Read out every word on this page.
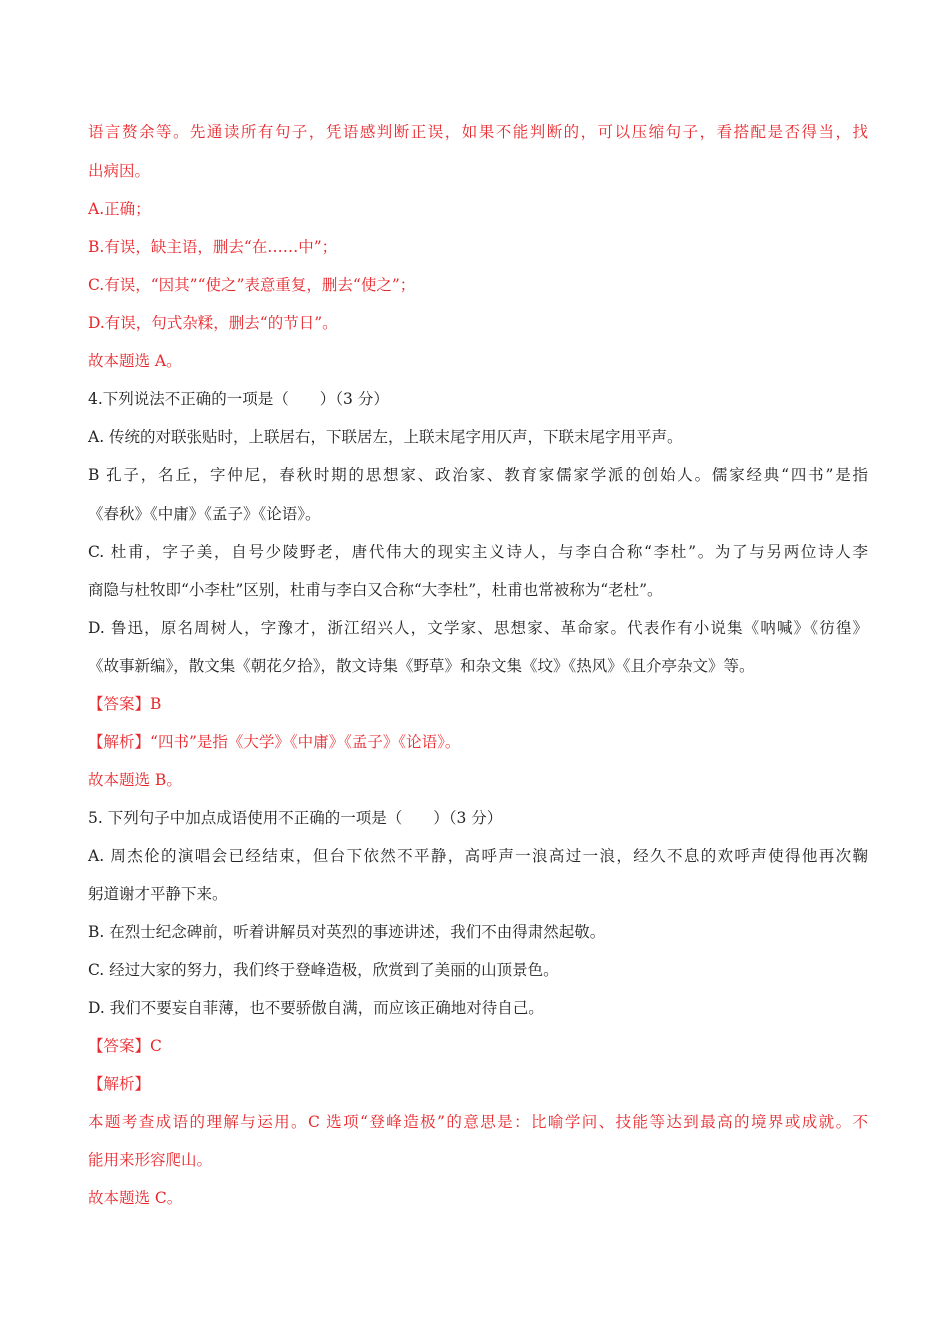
语言赘余等。先通读所有句子，凭语感判断正误，如果不能判断的，可以压缩句子，看搭配是否得当，找
出病因。
A.正确；
B.有误，缺主语，删去“在……中”；
C.有误，“因其”“使之”表意重复，删去“使之”；
D.有误，句式杂糅，删去“的节日”。
故本题选 A。
4.下列说法不正确的一项是（　　）（3 分）
A. 传统的对联张贴时，上联居右，下联居左，上联末尾字用仄声，下联末尾字用平声。
B 孔子，名丘，字仲尼，春秋时期的思想家、政治家、教育家儒家学派的创始人。儒家经典“四书”是指
《春秋》《中庸》《孟子》《论语》。
C. 杜甫，字子美，自号少陵野老，唐代伟大的现实主义诗人，与李白合称“李杜”。为了与另两位诗人李
商隐与杜牧即“小李杜”区别，杜甫与李白又合称“大李杜”，杜甫也常被称为“老杜”。
D. 鲁迅，原名周树人，字豫才，浙江绍兴人，文学家、思想家、革命家。代表作有小说集《呐喊》《彷徨》
《故事新编》，散文集《朝花夕拾》，散文诗集《野草》和杂文集《坟》《热风》《且介亭杂文》等。
【答案】B
【解析】“四书”是指《大学》《中庸》《孟子》《论语》。
故本题选 B。
5. 下列句子中加点成语使用不正确的一项是（　　）（3 分）
A. 周杰伦的演唱会已经结束，但台下依然不平静，高呼声一浪高过一浪，经久不息的欢呼声使得他再次鞠
躬道谢才平静下来。
B. 在烈士纪念碑前，听着讲解员对英烈的事迹讲述，我们不由得肃然起敬。
C. 经过大家的努力，我们终于登峰造极，欣赏到了美丽的山顶景色。
D. 我们不要妄自菲薄，也不要骄傲自满，而应该正确地对待自己。
【答案】C
【解析】
本题考查成语的理解与运用。C 选项“登峰造极”的意思是：比喻学问、技能等达到最高的境界或成就。不
能用来形容爬山。
故本题选 C。
